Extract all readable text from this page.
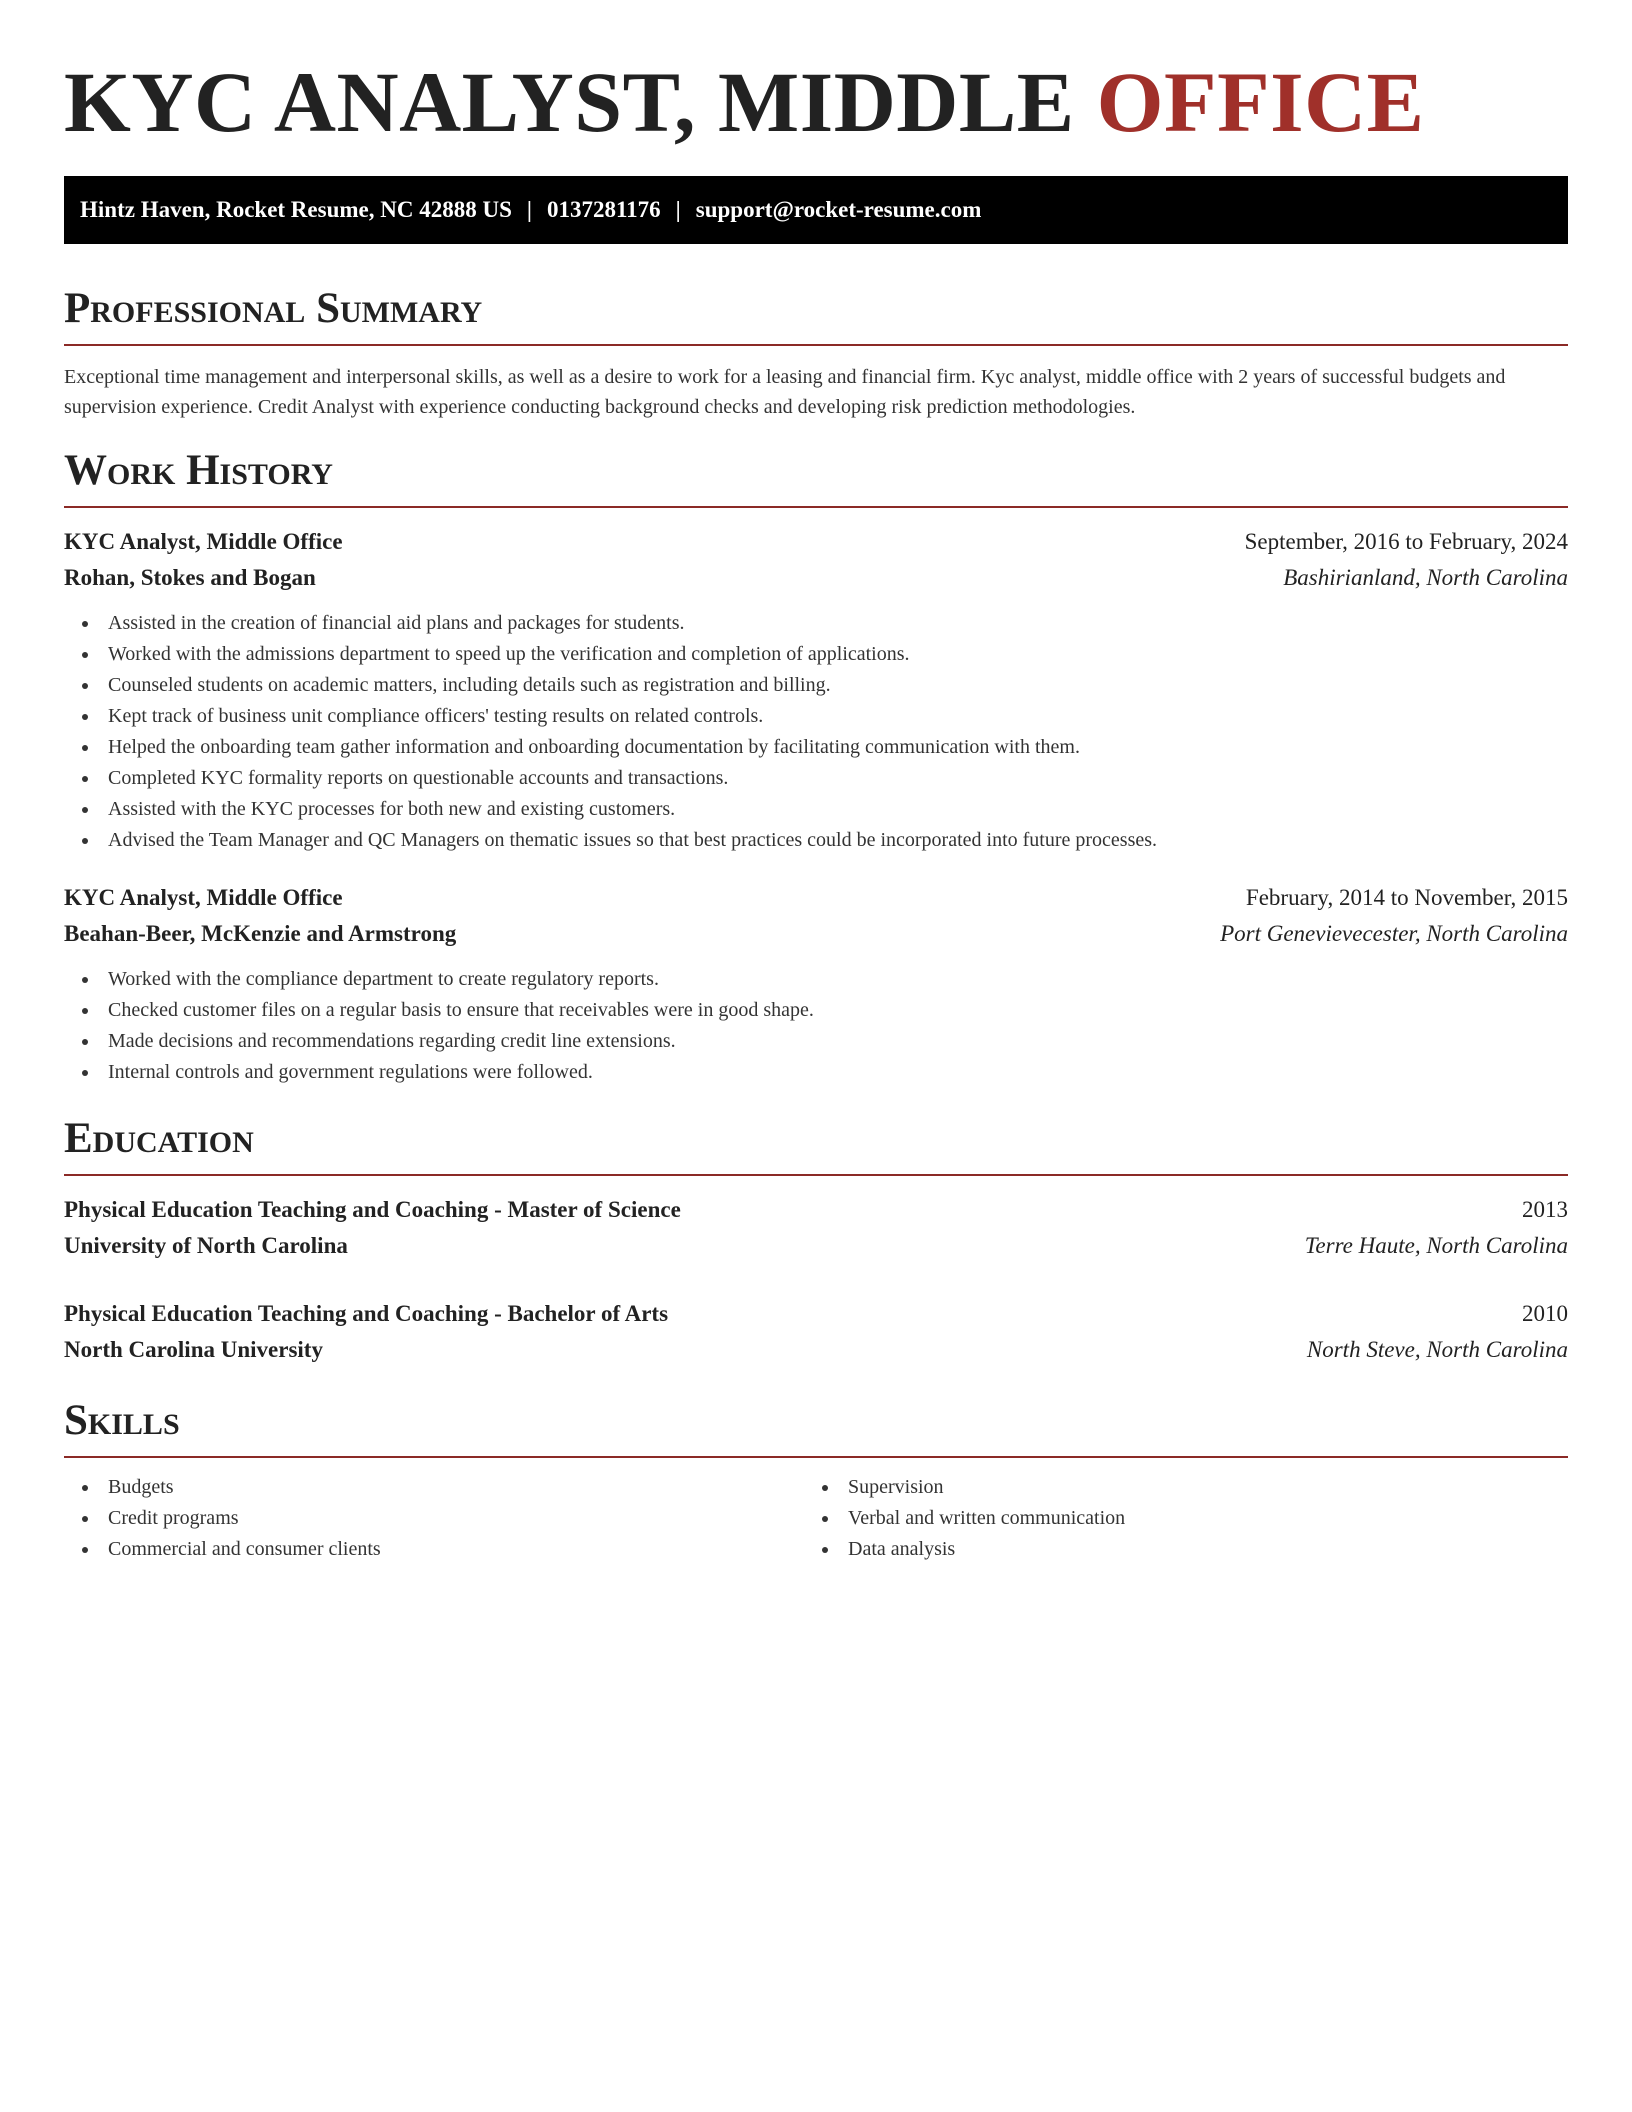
KYC ANALYST, MIDDLE OFFICE
Hintz Haven, Rocket Resume, NC 42888 US | 0137281176 | support@rocket-resume.com
Professional Summary

Exceptional time management and interpersonal skills, as well as a desire to work for a leasing and financial firm. Kyc analyst, middle office with 2 years of successful budgets and supervision experience. Credit Analyst with experience conducting background checks and developing risk prediction methodologies.

Work History
KYC Analyst, Middle Office	September, 2016 to February, 2024
Rohan, Stokes and Bogan	Bashirianland, North Carolina
Assisted in the creation of financial aid plans and packages for students.
Worked with the admissions department to speed up the verification and completion of applications.
Counseled students on academic matters, including details such as registration and billing.
Kept track of business unit compliance officers' testing results on related controls.
Helped the onboarding team gather information and onboarding documentation by facilitating communication with them.
Completed KYC formality reports on questionable accounts and transactions.
Assisted with the KYC processes for both new and existing customers.
Advised the Team Manager and QC Managers on thematic issues so that best practices could be incorporated into future processes.
KYC Analyst, Middle Office	February, 2014 to November, 2015
Beahan-Beer, McKenzie and Armstrong	Port Genevievecester, North Carolina
Worked with the compliance department to create regulatory reports.
Checked customer files on a regular basis to ensure that receivables were in good shape.
Made decisions and recommendations regarding credit line extensions.
Internal controls and government regulations were followed.
Education
Physical Education Teaching and Coaching - Master of Science	2013
University of North Carolina	Terre Haute, North Carolina
Physical Education Teaching and Coaching - Bachelor of Arts	2010
North Carolina University	North Steve, North Carolina
Skills
Budgets
Credit programs
Commercial and consumer clients
Supervision
Verbal and written communication
Data analysis
